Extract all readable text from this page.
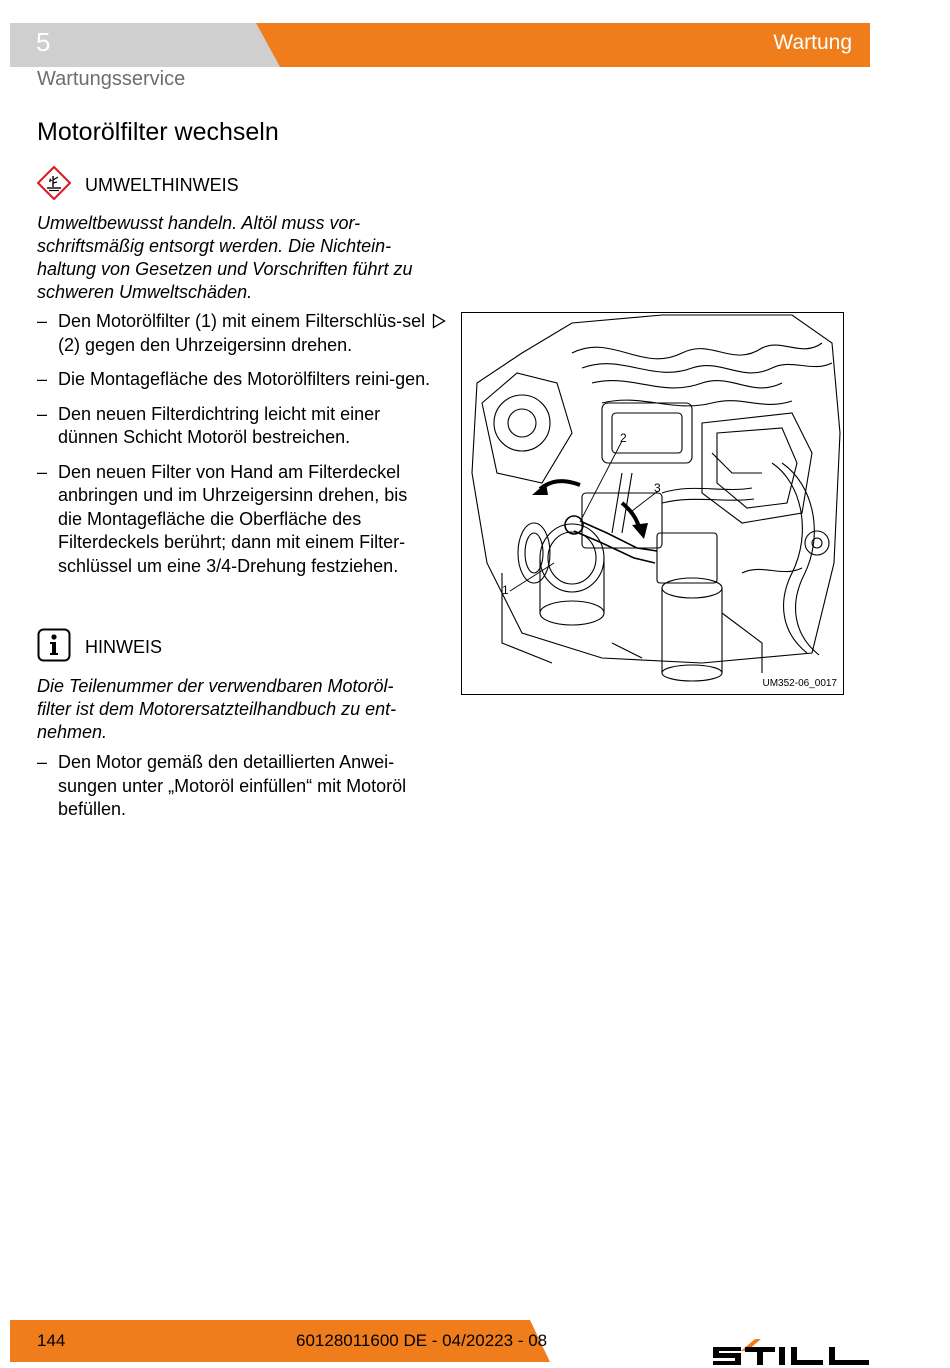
5	Wartung
Wartungsservice
Motorölfilter wechseln
UMWELTHINWEIS

Umweltbewusst handeln. Altöl muss vor-schriftsmäßig entsorgt werden. Die Nichtein-haltung von Gesetzen und Vorschriften führt zu schweren Umweltschäden.

– Den Motorölfilter (1) mit einem Filterschlüs-sel (2) gegen den Uhrzeigersinn drehen.
– Die Montagefläche des Motorölfilters reini-gen.
– Den neuen Filterdichtring leicht mit einer dünnen Schicht Motoröl bestreichen.
– Den neuen Filter von Hand am Filterdeckel anbringen und im Uhrzeigersinn drehen, bis die Montagefläche die Oberfläche des Filterdeckels berührt; dann mit einem Filter-schlüssel um eine 3/4-Drehung festziehen.
HINWEIS

Die Teilenummer der verwendbaren Motoröl-filter ist dem Motorersatzteilhandbuch zu ent-nehmen.

– Den Motor gemäß den detaillierten Anwei-sungen unter „Motoröl einfüllen“ mit Motoröl befüllen.
2
3
1
UM352-06_0017
144	60128011600 DE - 04/20223 - 08
